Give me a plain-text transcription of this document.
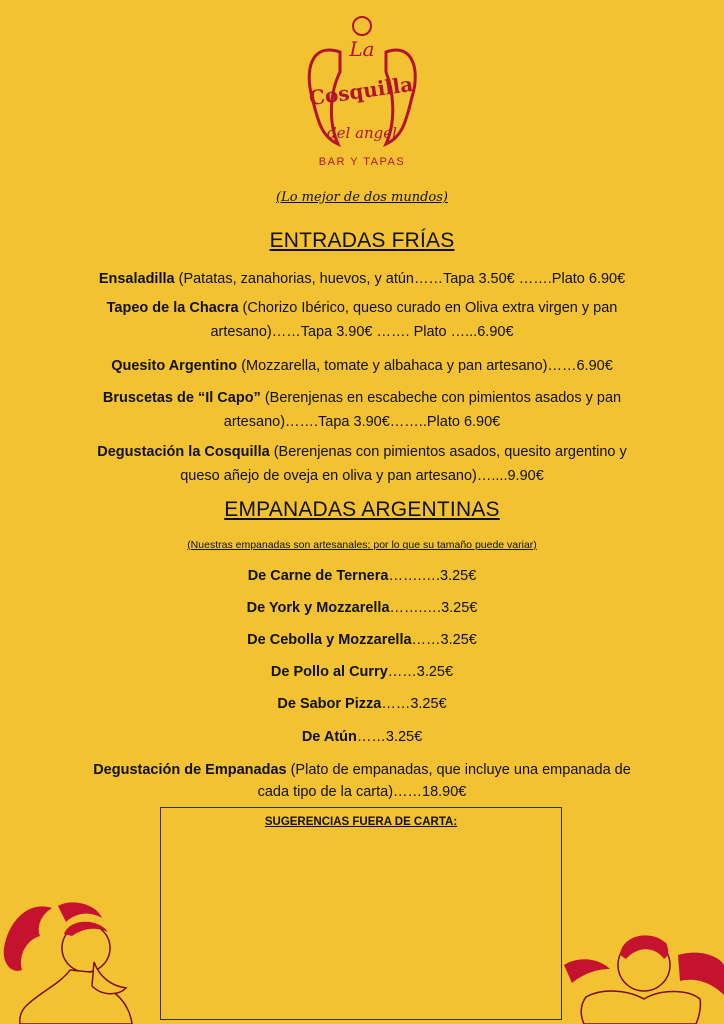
La
Cosquilla
del angel
BAR Y TAPAS
(Lo mejor de dos mundos)
ENTRADAS FRÍAS
Ensaladilla (Patatas, zanahorias, huevos, y atún……Tapa 3.50€ …….Plato 6.90€
Tapeo de la Chacra (Chorizo Ibérico, queso curado en Oliva extra virgen y pan artesano)……Tapa 3.90€ ……. Plato …...6.90€
Quesito Argentino (Mozzarella, tomate y albahaca y pan artesano)……6.90€
Bruscetas de “Il Capo” (Berenjenas en escabeche con pimientos asados y pan artesano)…….Tapa 3.90€……..Plato 6.90€
Degustación la Cosquilla (Berenjenas con pimientos asados, quesito argentino y queso añejo de oveja en oliva y pan artesano)…....9.90€
EMPANADAS ARGENTINAS
(Nuestras empanadas son artesanales; por lo que su tamaño puede variar)
De Carne de Ternera…….….3.25€
De York y Mozzarella…….….3.25€
De Cebolla y Mozzarella……3.25€
De Pollo al Curry……3.25€
De Sabor Pizza……3.25€
De Atún……3.25€
Degustación de Empanadas (Plato de empanadas, que incluye una empanada de cada tipo de la carta)……18.90€
SUGERENCIAS FUERA DE CARTA:
